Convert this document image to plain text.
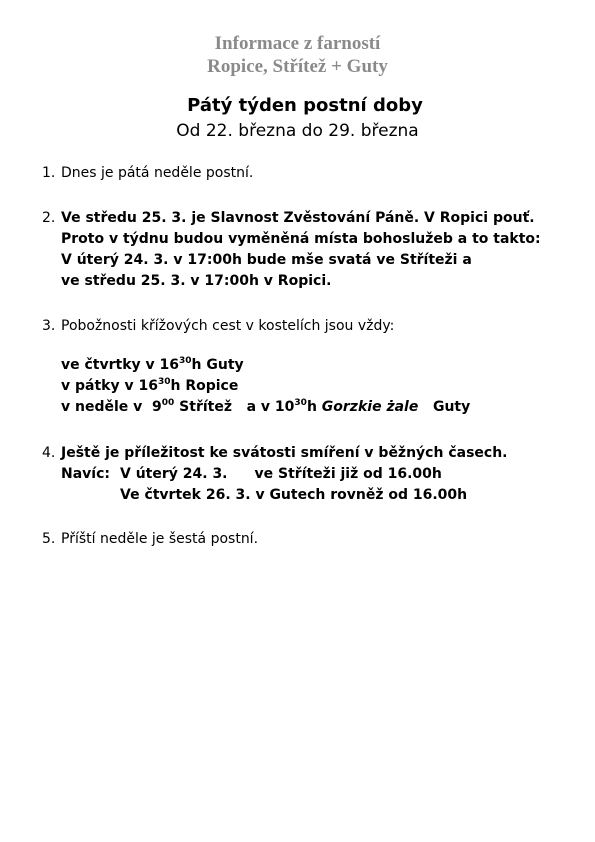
Informace z farností
Ropice, Střítež + Guty
Pátý týden postní doby
Od 22. března do 29. března
1. Dnes je pátá neděle postní.
2. Ve středu 25. 3. je Slavnost Zvěstování Páně. V Ropici pouť.
Proto v týdnu budou vyměněná místa bohoslužeb a to takto:
V úterý 24. 3. v 17:00h bude mše svatá ve Stříteži a
ve středu 25. 3. v 17:00h v Ropici.
3. Pobožnosti křížových cest v kostelích jsou vždy:
ve čtvrtky v $16^{30}h$ Guty
v pátky v $16^{30}h$ Ropice
v neděle v  $9^{00}$ Střítež   a v $10^{30}h$ Gorzkie żale   Guty
4. Ještě je příležitost ke svátosti smíření v běžných časech.
Navíc: V úterý 24. 3. ve Stříteži již od 16.00h
Ve čtvrtek 26. 3. v Gutech rovněž od 16.00h
5. Příští neděle je šestá postní.
